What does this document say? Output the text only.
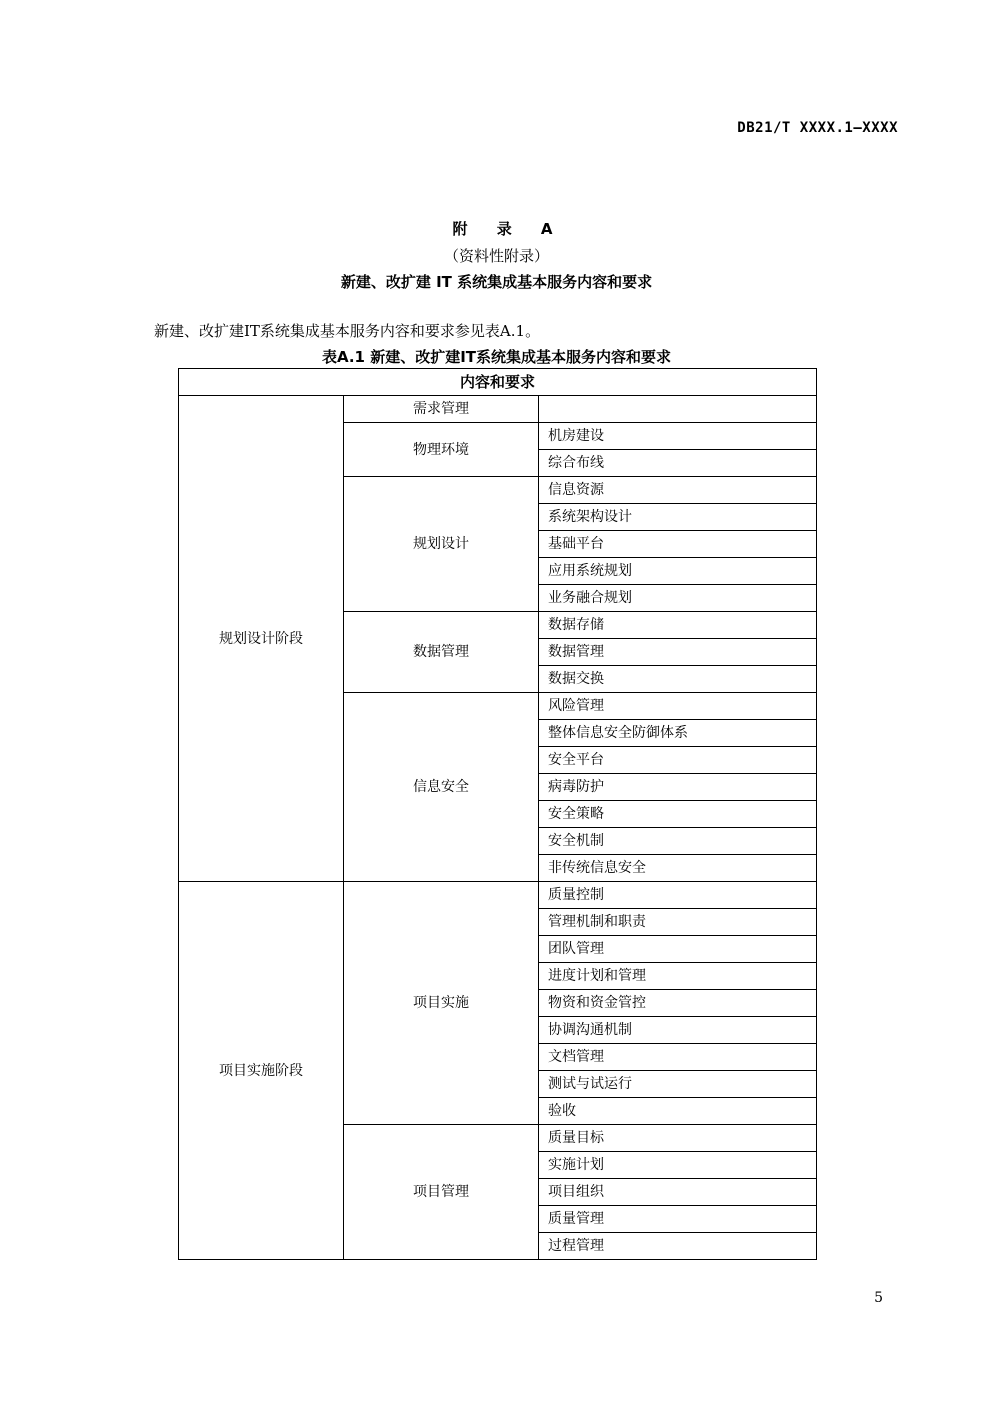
DB21/T XXXX.1—XXXX
附 录 A
（资料性附录）
新建、改扩建 IT 系统集成基本服务内容和要求
新建、改扩建IT系统集成基本服务内容和要求参见表A.1。
表A.1 新建、改扩建IT系统集成基本服务内容和要求
内容和要求		
规划设计阶段	需求管理	
	物理环境	机房建设
		综合布线
	规划设计	信息资源
		系统架构设计
		基础平台
		应用系统规划
		业务融合规划
	数据管理	数据存储
		数据管理
		数据交换
	信息安全	风险管理
		整体信息安全防御体系
		安全平台
		病毒防护
		安全策略
		安全机制
		非传统信息安全
项目实施阶段	项目实施	质量控制
		管理机制和职责
		团队管理
		进度计划和管理
		物资和资金管控
		协调沟通机制
		文档管理
		测试与试运行
		验收
	项目管理	质量目标
		实施计划
		项目组织
		质量管理
		过程管理
5
